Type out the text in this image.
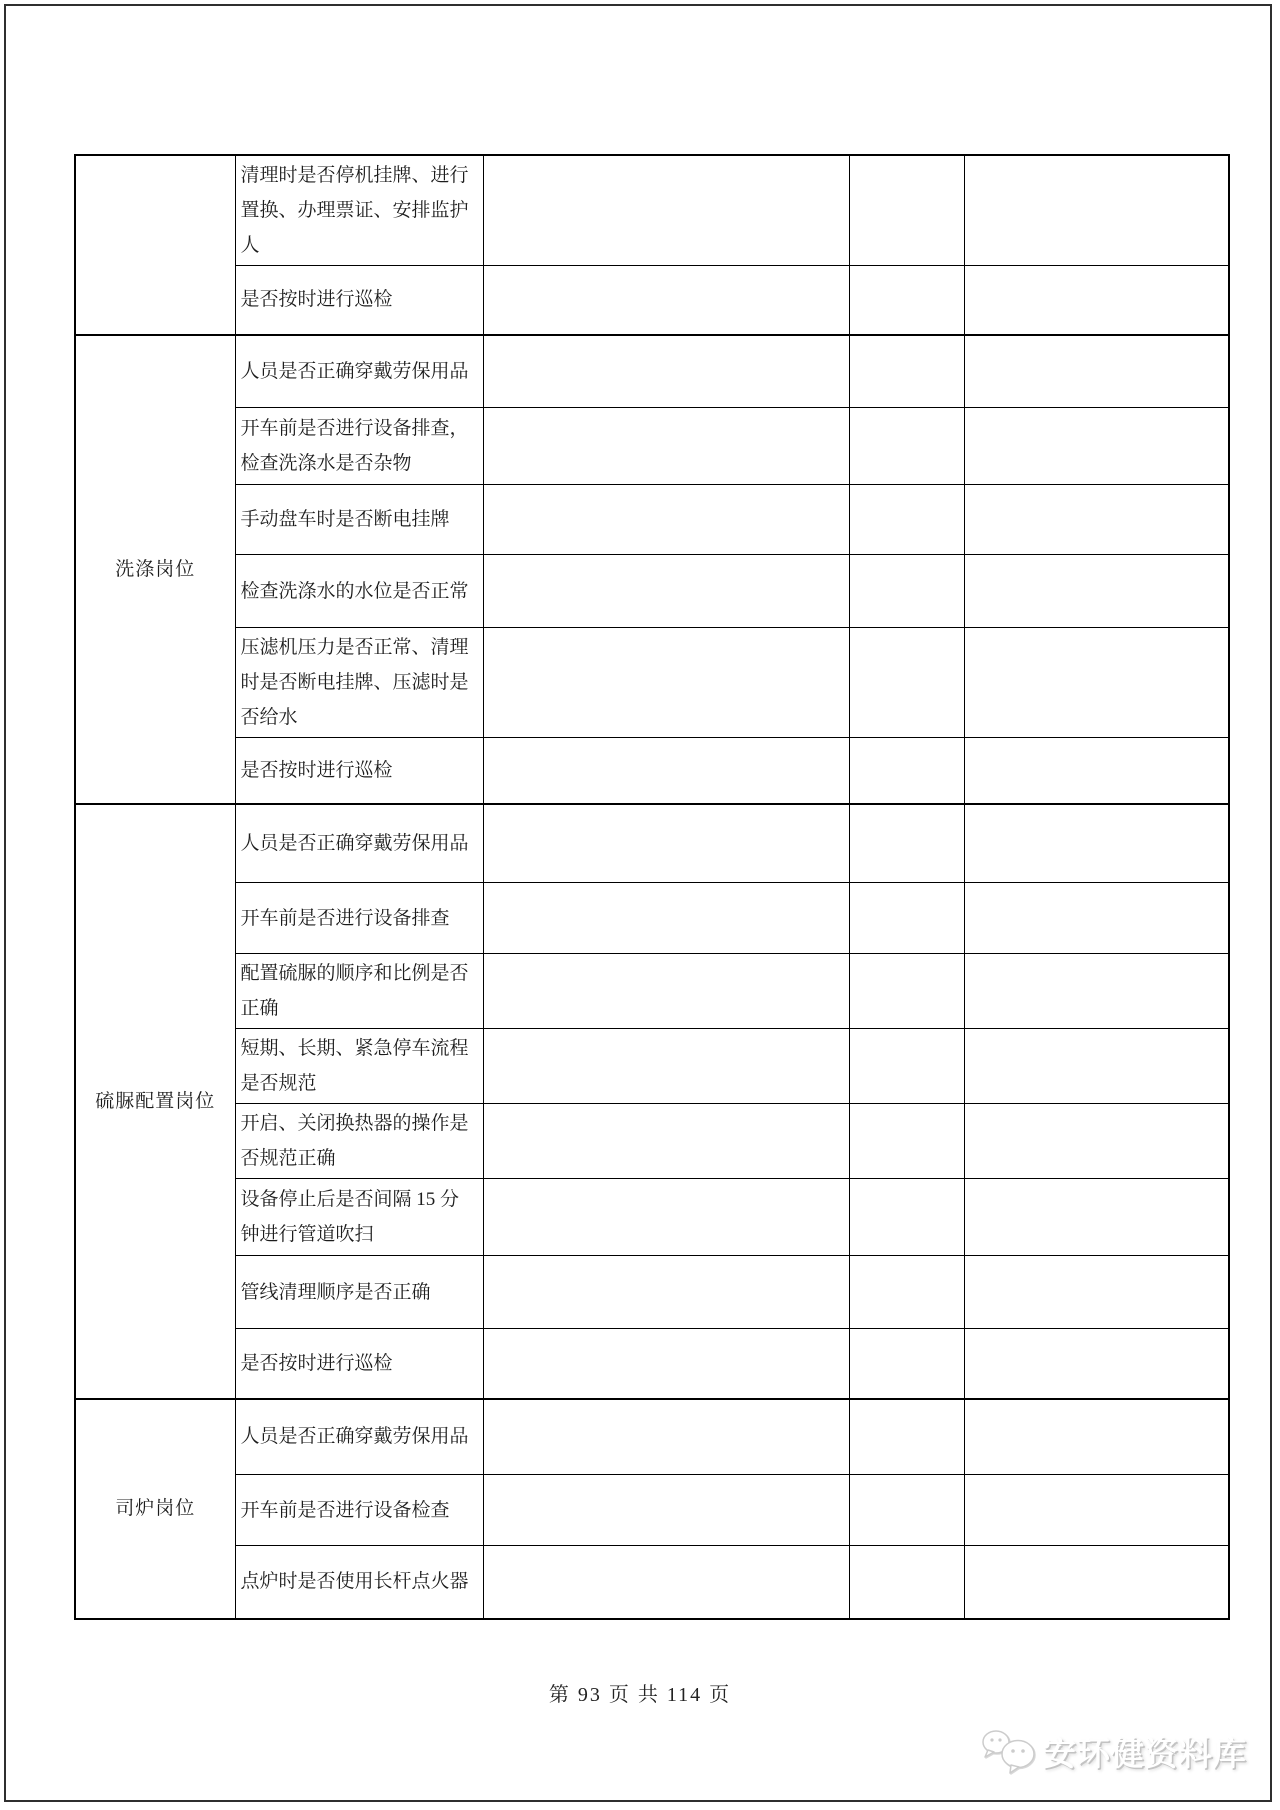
	清理时是否停机挂牌、进行置换、办理票证、安排监护人			
	是否按时进行巡检			
洗涤岗位	人员是否正确穿戴劳保用品			
	开车前是否进行设备排查，检查洗涤水是否杂物			
	手动盘车时是否断电挂牌			
	检查洗涤水的水位是否正常			
	压滤机压力是否正常、清理时是否断电挂牌、压滤时是否给水			
	是否按时进行巡检			
硫脲配置岗位	人员是否正确穿戴劳保用品			
	开车前是否进行设备排查			
	配置硫脲的顺序和比例是否正确			
	短期、长期、紧急停车流程是否规范			
	开启、关闭换热器的操作是否规范正确			
	设备停止后是否间隔 15 分钟进行管道吹扫			
	管线清理顺序是否正确			
	是否按时进行巡检			
司炉岗位	人员是否正确穿戴劳保用品			
	开车前是否进行设备检查			
	点炉时是否使用长杆点火器			
第 93 页 共 114 页
安环健资料库
